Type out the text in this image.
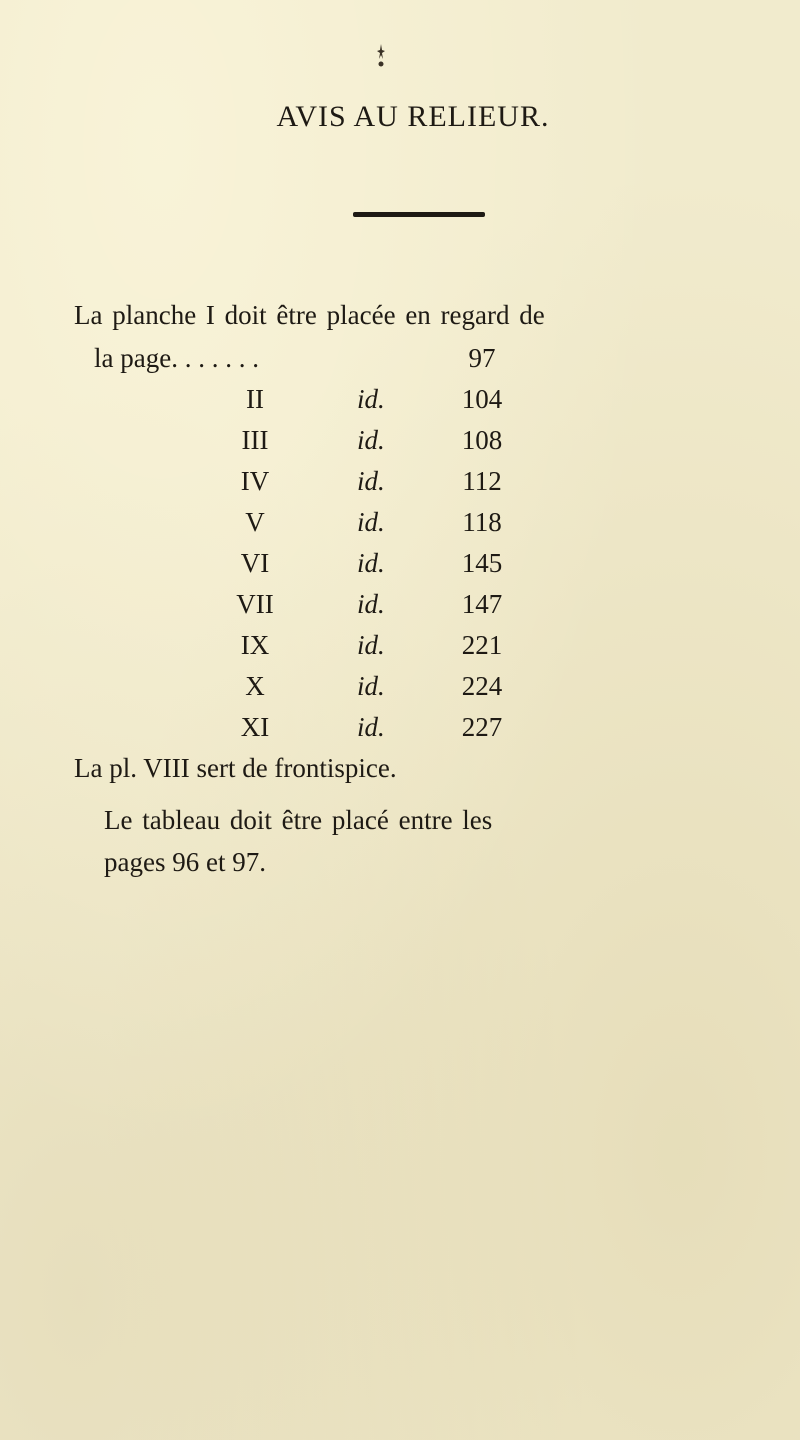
AVIS AU RELIEUR.
La planche I doit être placée en regard de
la page. . . . . . .	97
II	id.	104
III	id.	108
IV	id.	112
V	id.	118
VI	id.	145
VII	id.	147
IX	id.	221
X	id.	224
XI	id.	227
La pl. VIII sert de frontispice.
Le tableau doit être placé entre les
pages 96 et 97.
